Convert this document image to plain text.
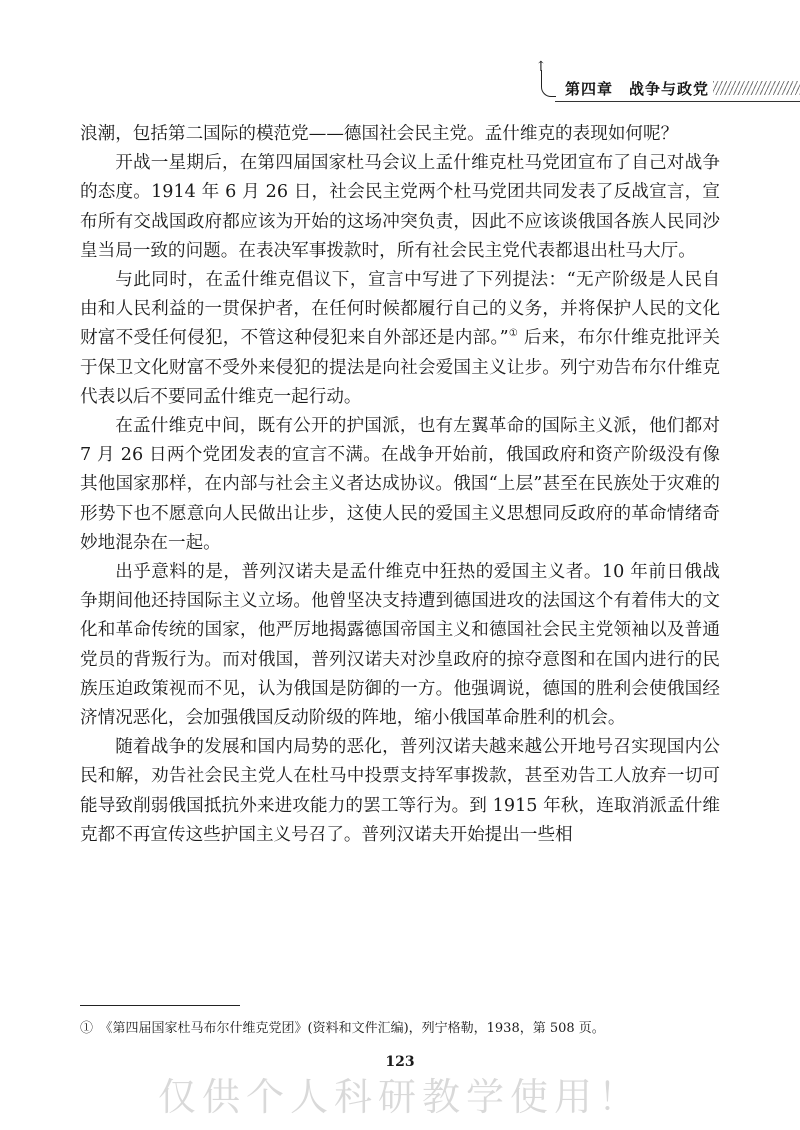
↑
第四章　战争与政党

浪潮，包括第二国际的模范党——德国社会民主党。孟什维克的表现如何呢？

开战一星期后，在第四届国家杜马会议上孟什维克杜马党团宣布了自己对战争的态度。1914 年 6 月 26 日，社会民主党两个杜马党团共同发表了反战宣言，宣布所有交战国政府都应该为开始的这场冲突负责，因此不应该谈俄国各族人民同沙皇当局一致的问题。在表决军事拨款时，所有社会民主党代表都退出杜马大厅。

与此同时，在孟什维克倡议下，宣言中写进了下列提法：“无产阶级是人民自由和人民利益的一贯保护者，在任何时候都履行自己的义务，并将保护人民的文化财富不受任何侵犯，不管这种侵犯来自外部还是内部。”① 后来，布尔什维克批评关于保卫文化财富不受外来侵犯的提法是向社会爱国主义让步。列宁劝告布尔什维克代表以后不要同孟什维克一起行动。

在孟什维克中间，既有公开的护国派，也有左翼革命的国际主义派，他们都对 7 月 26 日两个党团发表的宣言不满。在战争开始前，俄国政府和资产阶级没有像其他国家那样，在内部与社会主义者达成协议。俄国“上层”甚至在民族处于灾难的形势下也不愿意向人民做出让步，这使人民的爱国主义思想同反政府的革命情绪奇妙地混杂在一起。

出乎意料的是，普列汉诺夫是孟什维克中狂热的爱国主义者。10 年前日俄战争期间他还持国际主义立场。他曾坚决支持遭到德国进攻的法国这个有着伟大的文化和革命传统的国家，他严厉地揭露德国帝国主义和德国社会民主党领袖以及普通党员的背叛行为。而对俄国，普列汉诺夫对沙皇政府的掠夺意图和在国内进行的民族压迫政策视而不见，认为俄国是防御的一方。他强调说，德国的胜利会使俄国经济情况恶化，会加强俄国反动阶级的阵地，缩小俄国革命胜利的机会。

随着战争的发展和国内局势的恶化，普列汉诺夫越来越公开地号召实现国内公民和解，劝告社会民主党人在杜马中投票支持军事拨款，甚至劝告工人放弃一切可能导致削弱俄国抵抗外来进攻能力的罢工等行为。到 1915 年秋，连取消派孟什维克都不再宣传这些护国主义号召了。普列汉诺夫开始提出一些相

①　《第四届国家杜马布尔什维克党团》(资料和文件汇编)，列宁格勒，1938，第 508 页。
123
仅供个人科研教学使用！
